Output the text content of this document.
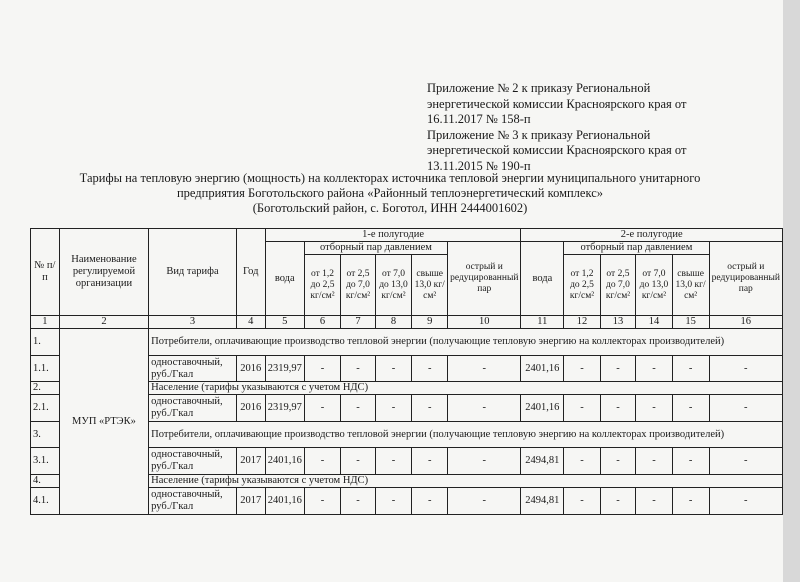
Приложение № 2 к приказу Региональной
энергетической комиссии Красноярского края от
16.11.2017 № 158-п
Приложение № 3 к приказу Региональной
энергетической комиссии Красноярского края от
13.11.2015 № 190-п
Тарифы на тепловую энергию (мощность) на коллекторах источника тепловой энергии муниципального унитарного
предприятия Боготольского района «Районный теплоэнергетический комплекс»
(Боготольский район, с. Боготол, ИНН 2444001602)
№ п/п	Наименование регулируемой организации	Вид тарифа	Год	1-е полугодие						2-е полугодие					
				вода	отборный пар давлением				острый и редуцированный пар	вода	отборный пар давлением				острый и редуцированный пар
					от 1,2 до 2,5 кг/см²	от 2,5 до 7,0 кг/см²	от 7,0 до 13,0 кг/см²	свыше 13,0 кг/см²			от 1,2 до 2,5 кг/см²	от 2,5 до 7,0 кг/см²	от 7,0 до 13,0 кг/см²	свыше 13,0 кг/см²	
1	2	3	4	5	6	7	8	9	10	11	12	13	14	15	16
1.	МУП «РТЭК»	Потребители, оплачивающие производство тепловой энергии (получающие тепловую энергию на коллекторах производителей)													
1.1.		одноставочный, руб./Гкал	2016	2319,97	-	-	-	-	-	2401,16	-	-	-	-	-
2.		Население (тарифы указываются с учетом НДС)													
2.1.		одноставочный, руб./Гкал	2016	2319,97	-	-	-	-	-	2401,16	-	-	-	-	-
3.		Потребители, оплачивающие производство тепловой энергии (получающие тепловую энергию на коллекторах производителей)													
3.1.		одноставочный, руб./Гкал	2017	2401,16	-	-	-	-	-	2494,81	-	-	-	-	-
4.		Население (тарифы указываются с учетом НДС)													
4.1.		одноставочный, руб./Гкал	2017	2401,16	-	-	-	-	-	2494,81	-	-	-	-	-
